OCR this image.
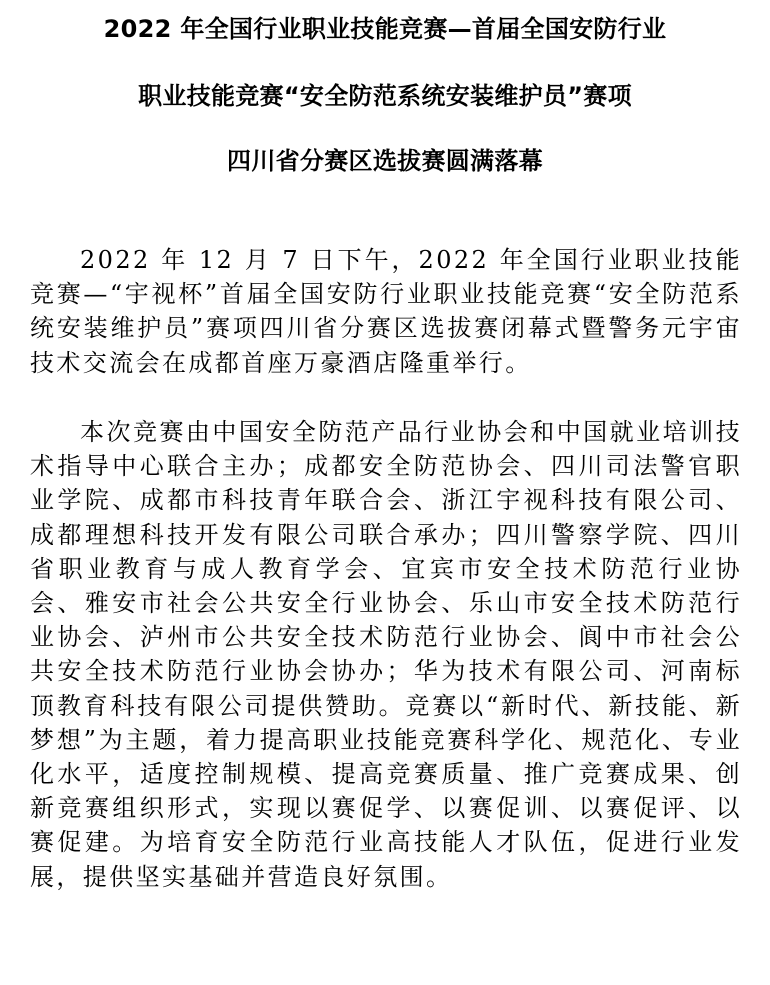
2022 年全国行业职业技能竞赛—首届全国安防行业
职业技能竞赛“安全防范系统安装维护员”赛项
四川省分赛区选拔赛圆满落幕

2022 年 12 月 7 日下午，2022 年全国行业职业技能竞赛—“宇视杯”首届全国安防行业职业技能竞赛“安全防范系统安装维护员”赛项四川省分赛区选拔赛闭幕式暨警务元宇宙技术交流会在成都首座万豪酒店隆重举行。

本次竞赛由中国安全防范产品行业协会和中国就业培训技术指导中心联合主办；成都安全防范协会、四川司法警官职业学院、成都市科技青年联合会、浙江宇视科技有限公司、成都理想科技开发有限公司联合承办；四川警察学院、四川省职业教育与成人教育学会、宜宾市安全技术防范行业协会、雅安市社会公共安全行业协会、乐山市安全技术防范行业协会、泸州市公共安全技术防范行业协会、阆中市社会公共安全技术防范行业协会协办；华为技术有限公司、河南标顶教育科技有限公司提供赞助。竞赛以“新时代、新技能、新梦想”为主题，着力提高职业技能竞赛科学化、规范化、专业化水平，适度控制规模、提高竞赛质量、推广竞赛成果、创新竞赛组织形式，实现以赛促学、以赛促训、以赛促评、以赛促建。为培育安全防范行业高技能人才队伍，促进行业发展，提供坚实基础并营造良好氛围。
